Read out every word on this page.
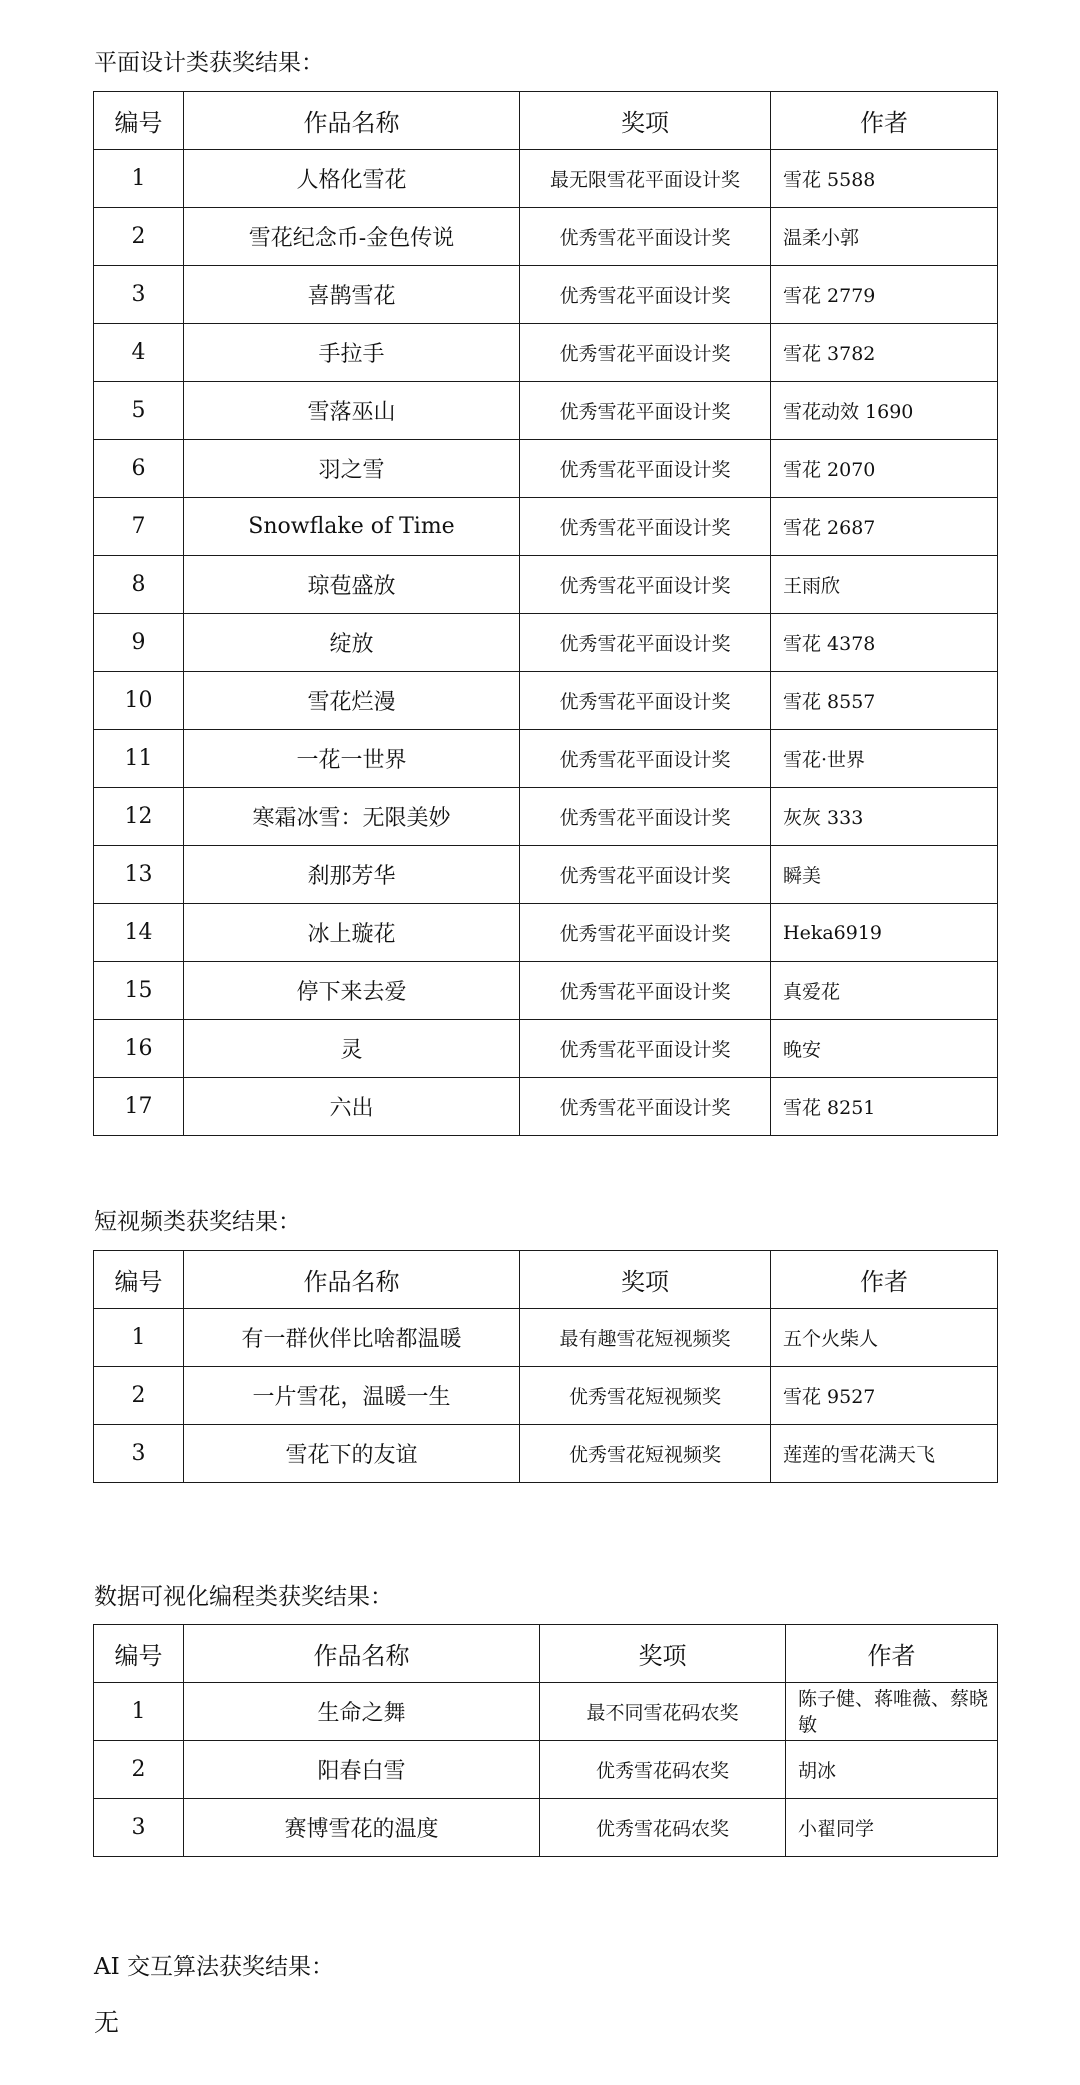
平面设计类获奖结果：
编号	作品名称	奖项	作者
1	人格化雪花	最无限雪花平面设计奖	雪花 5588
2	雪花纪念币-金色传说	优秀雪花平面设计奖	温柔小郭
3	喜鹊雪花	优秀雪花平面设计奖	雪花 2779
4	手拉手	优秀雪花平面设计奖	雪花 3782
5	雪落巫山	优秀雪花平面设计奖	雪花动效 1690
6	羽之雪	优秀雪花平面设计奖	雪花 2070
7	Snowflake of Time	优秀雪花平面设计奖	雪花 2687
8	琼苞盛放	优秀雪花平面设计奖	王雨欣
9	绽放	优秀雪花平面设计奖	雪花 4378
10	雪花烂漫	优秀雪花平面设计奖	雪花 8557
11	一花一世界	优秀雪花平面设计奖	雪花·世界
12	寒霜冰雪：无限美妙	优秀雪花平面设计奖	灰灰 333
13	刹那芳华	优秀雪花平面设计奖	瞬美
14	冰上璇花	优秀雪花平面设计奖	Heka6919
15	停下来去爱	优秀雪花平面设计奖	真爱花
16	灵	优秀雪花平面设计奖	晚安
17	六出	优秀雪花平面设计奖	雪花 8251
短视频类获奖结果：
编号	作品名称	奖项	作者
1	有一群伙伴比啥都温暖	最有趣雪花短视频奖	五个火柴人
2	一片雪花，温暖一生	优秀雪花短视频奖	雪花 9527
3	雪花下的友谊	优秀雪花短视频奖	莲莲的雪花满天飞
数据可视化编程类获奖结果：
编号	作品名称	奖项	作者
1	生命之舞	最不同雪花码农奖	陈子健、蒋唯薇、蔡晓敏
2	阳春白雪	优秀雪花码农奖	胡冰
3	赛博雪花的温度	优秀雪花码农奖	小翟同学
AI 交互算法获奖结果：
无
